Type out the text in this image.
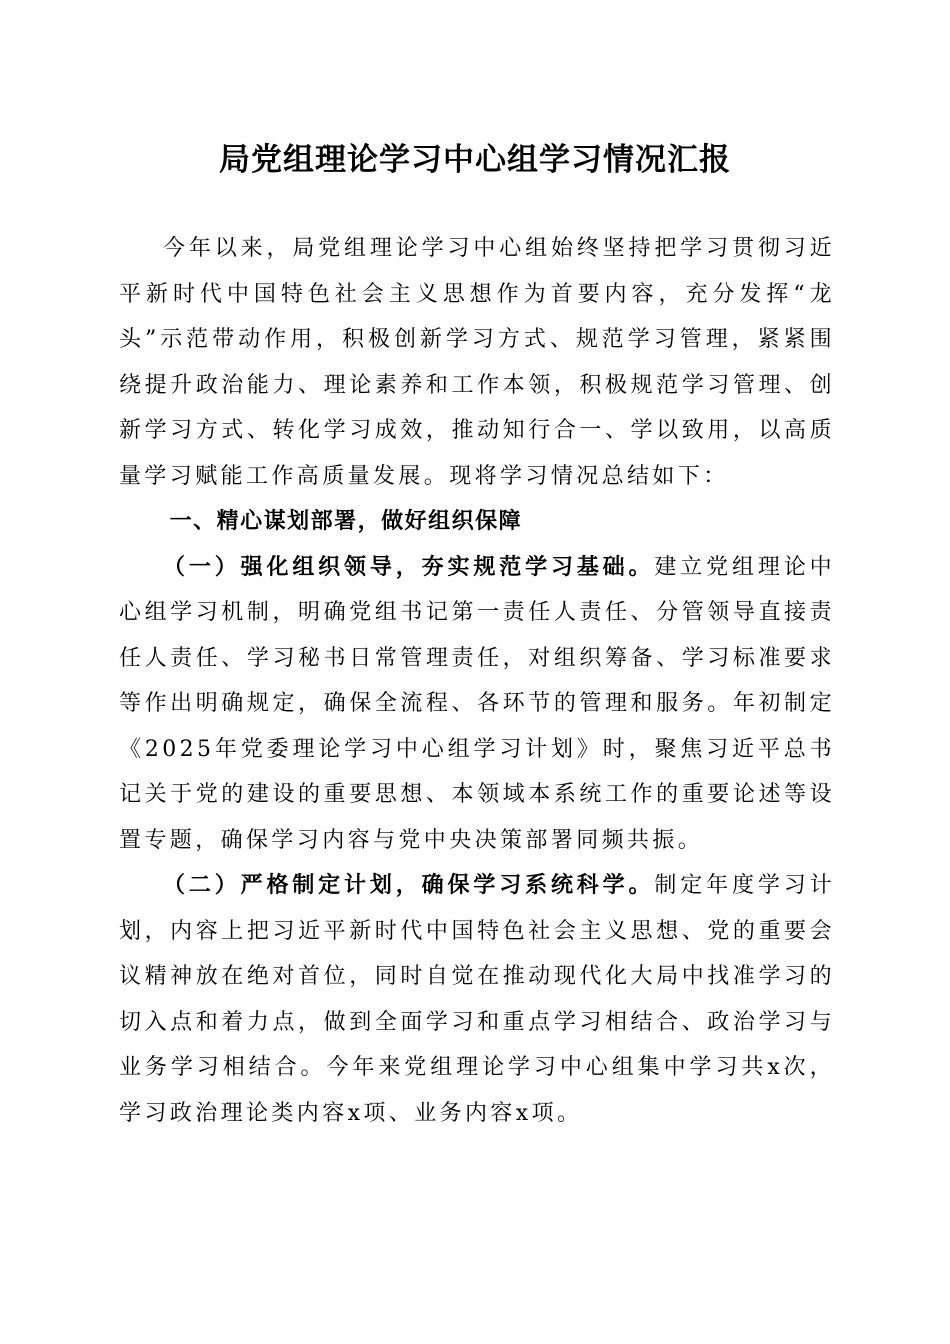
局党组理论学习中心组学习情况汇报

今年以来，局党组理论学习中心组始终坚持把学习贯彻习近平新时代中国特色社会主义思想作为首要内容，充分发挥“龙头”示范带动作用，积极创新学习方式、规范学习管理，紧紧围绕提升政治能力、理论素养和工作本领，积极规范学习管理、创新学习方式、转化学习成效，推动知行合一、学以致用，以高质量学习赋能工作高质量发展。现将学习情况总结如下：

一、精心谋划部署，做好组织保障

（一）强化组织领导，夯实规范学习基础。建立党组理论中心组学习机制，明确党组书记第一责任人责任、分管领导直接责任人责任、学习秘书日常管理责任，对组织筹备、学习标准要求等作出明确规定，确保全流程、各环节的管理和服务。年初制定《2025年党委理论学习中心组学习计划》时，聚焦习近平总书记关于党的建设的重要思想、本领域本系统工作的重要论述等设置专题，确保学习内容与党中央决策部署同频共振。

（二）严格制定计划，确保学习系统科学。制定年度学习计划，内容上把习近平新时代中国特色社会主义思想、党的重要会议精神放在绝对首位，同时自觉在推动现代化大局中找准学习的切入点和着力点，做到全面学习和重点学习相结合、政治学习与业务学习相结合。今年来党组理论学习中心组集中学习共x次，学习政治理论类内容x项、业务内容x项。
